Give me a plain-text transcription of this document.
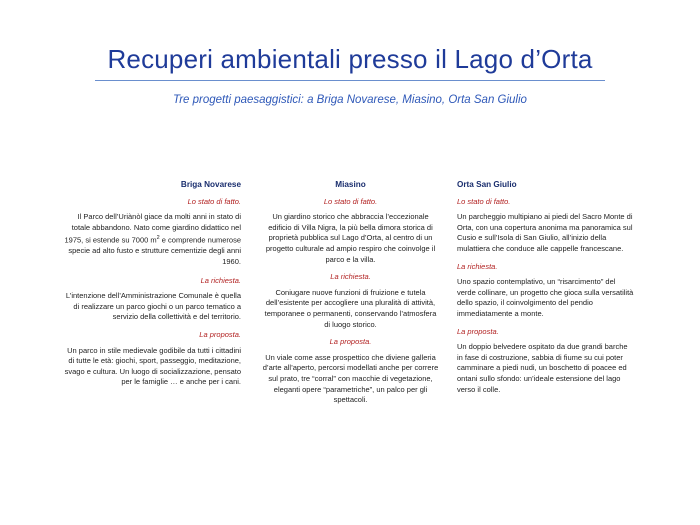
Recuperi ambientali presso il Lago d’Orta
Tre progetti paesaggistici: a Briga Novarese, Miasino, Orta San Giulio
Briga Novarese
Lo stato di fatto.
Il Parco dell’Uriànòl giace da molti anni in stato di totale abbandono. Nato come giardino didattico nel 1975, si estende su 7000 $m^2$ e comprende numerose specie ad alto fusto e strutture cementizie degli anni 1960.
La richiesta.
L’intenzione dell’Amministrazione Comunale è quella di realizzare un parco giochi o un parco tematico a servizio della collettività e del territorio.
La proposta.
Un parco in stile medievale godibile da tutti i cittadini di tutte le età: giochi, sport, passeggio, meditazione, svago e cultura. Un luogo di socializzazione, pensato per le famiglie … e anche per i cani.
Miasino
Lo stato di fatto.
Un giardino storico che abbraccia l’eccezionale edificio di Villa Nigra, la più bella dimora storica di proprietà pubblica sul Lago d’Orta, al centro di un progetto culturale ad ampio respiro che coinvolge il parco e la villa.
La richiesta.
Coniugare nuove funzioni di fruizione e tutela dell’esistente per accogliere una pluralità di attività, temporanee o permanenti, conservando l’atmosfera di luogo storico.
La proposta.
Un viale come asse prospettico che diviene galleria d’arte all’aperto, percorsi modellati anche per correre sul prato, tre “corral” con macchie di vegetazione, eleganti opere “parametriche”, un palco per gli spettacoli.
Orta San Giulio
Lo stato di fatto.
Un parcheggio multipiano ai piedi del Sacro Monte di Orta, con una copertura anonima ma panoramica sul Cusio e sull’Isola di San Giulio, all’inizio della mulattiera che conduce alle cappelle francescane.
La richiesta.
Uno spazio contemplativo, un “risarcimento” del verde collinare, un progetto che gioca sulla versatilità dello spazio, il coinvolgimento del pendio immediatamente a monte.
La proposta.
Un doppio belvedere ospitato da due grandi barche in fase di costruzione, sabbia di fiume su cui poter camminare a piedi nudi, un boschetto di poacee ed ontani sullo sfondo: un’ideale estensione del lago verso il colle.
